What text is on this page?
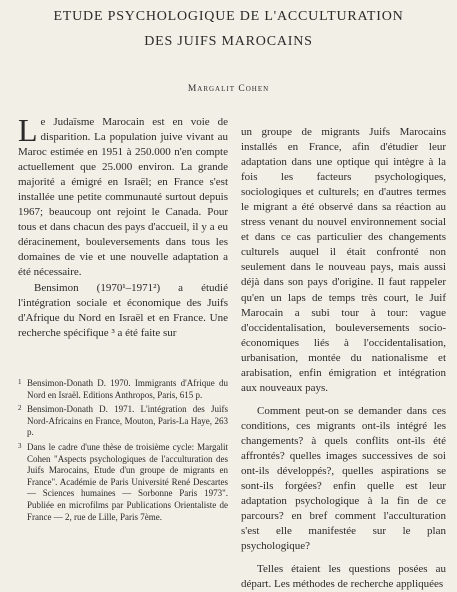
ETUDE PSYCHOLOGIQUE DE L'ACCULTURATION
DES JUIFS MAROCAINS
Margalit Cohen

Le Judaïsme Marocain est en voie de disparition. La population juive vivant au Maroc estimée en 1951 à 250.000 n'en compte actuellement que 25.000 environ. La grande majorité a émigré en Israël; en France s'est installée une petite communauté surtout depuis 1967; beaucoup ont rejoint le Canada. Pour tous et dans chacun des pays d'accueil, il y a eu déracinement, bouleversements dans tous les domaines de vie et une nouvelle adaptation a été nécessaire.

Bensimon (1970¹–1971²) a étudié l'intégration sociale et économique des Juifs d'Afrique du Nord en Israël et en France. Une recherche spécifique ³ a été faite sur

1 Bensimon-Donath D. 1970. Immigrants d'Afrique du Nord en Israël. Editions Anthropos, Paris, 615 p.
2 Bensimon-Donath D. 1971. L'intégration des Juifs Nord-Africains en France, Mouton, Paris-La Haye, 263 p.
3 Dans le cadre d'une thèse de troisième cycle: Margalit Cohen "Aspects psychologiques de l'acculturation des Juifs Marocains, Etude d'un groupe de migrants en France". Académie de Paris Université René Descartes — Sciences humaines — Sorbonne Paris 1973". Publiée en microfilms par Publications Orientaliste de France — 2, rue de Lille, Paris 7ème.

un groupe de migrants Juifs Marocains installés en France, afin d'étudier leur adaptation dans une optique qui intègre à la fois les facteurs psychologiques, sociologiques et culturels; en d'autres termes le migrant a été observé dans sa réaction au stress venant du nouvel environnement social et dans ce cas particulier des changements culturels auquel il était confronté non seulement dans le nouveau pays, mais aussi déjà dans son pays d'origine. Il faut rappeler qu'en un laps de temps très court, le Juif Marocain a subi tour à tour: vague d'occidentalisation, bouleversements socio-économiques liés à l'occidentalisation, urbanisation, montée du nationalisme et arabisation, enfin émigration et intégration aux nouveaux pays.

Comment peut-on se demander dans ces conditions, ces migrants ont-ils intégré les changements? à quels conflits ont-ils été affrontés? quelles images successives de soi ont-ils développés?, quelles aspirations se sont-ils forgées? enfin quelle est leur adaptation psychologique à la fin de ce parcours? en bref comment l'acculturation s'est elle manifestée sur le plan psychologique?

Telles étaient les questions posées au départ. Les méthodes de recherche appliquées
